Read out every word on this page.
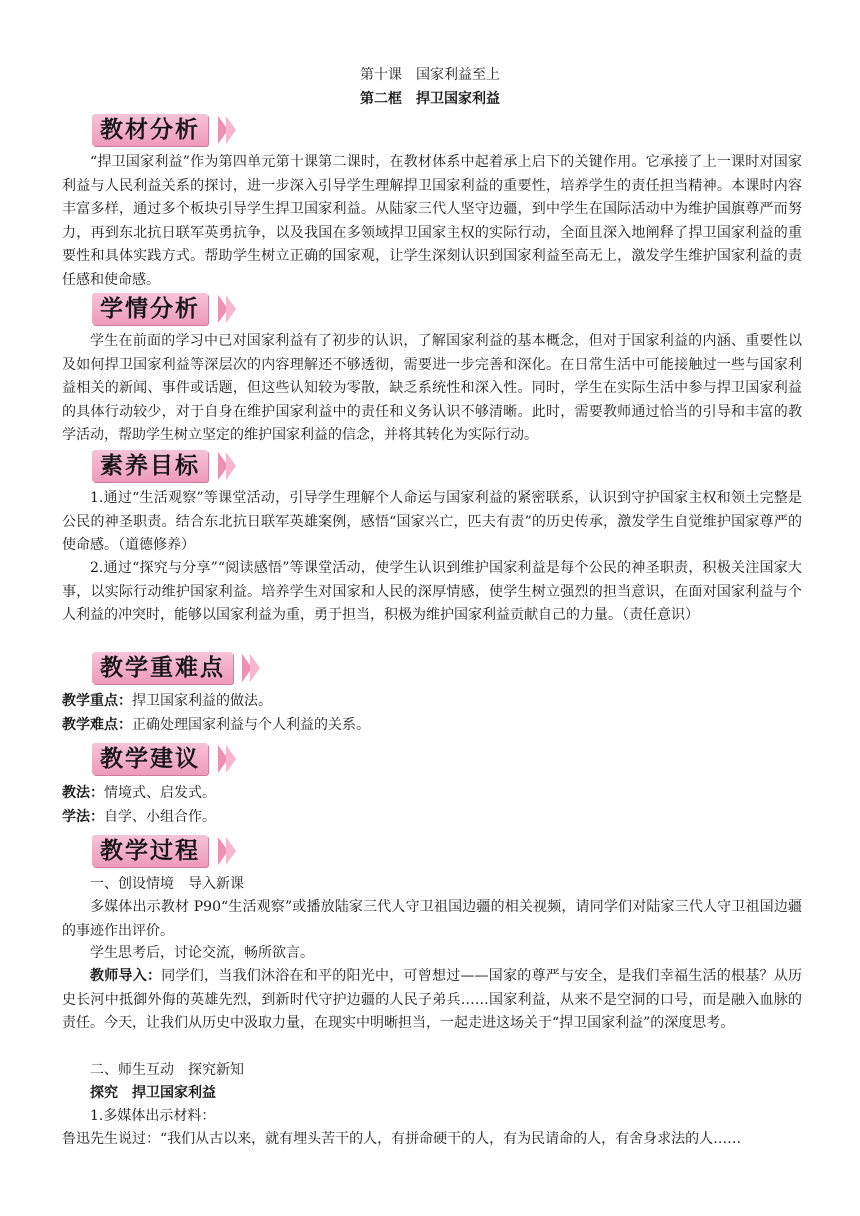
第十课　国家利益至上
第二框　捍卫国家利益
教材分析
“捍卫国家利益”作为第四单元第十课第二课时，在教材体系中起着承上启下的关键作用。它承接了上一课时对国家利益与人民利益关系的探讨，进一步深入引导学生理解捍卫国家利益的重要性，培养学生的责任担当精神。本课时内容丰富多样，通过多个板块引导学生捍卫国家利益。从陆家三代人坚守边疆，到中学生在国际活动中为维护国旗尊严而努力，再到东北抗日联军英勇抗争，以及我国在多领域捍卫国家主权的实际行动，全面且深入地阐释了捍卫国家利益的重要性和具体实践方式。帮助学生树立正确的国家观，让学生深刻认识到国家利益至高无上，激发学生维护国家利益的责任感和使命感。
学情分析
学生在前面的学习中已对国家利益有了初步的认识，了解国家利益的基本概念，但对于国家利益的内涵、重要性以及如何捍卫国家利益等深层次的内容理解还不够透彻，需要进一步完善和深化。在日常生活中可能接触过一些与国家利益相关的新闻、事件或话题，但这些认知较为零散，缺乏系统性和深入性。同时，学生在实际生活中参与捍卫国家利益的具体行动较少，对于自身在维护国家利益中的责任和义务认识不够清晰。此时，需要教师通过恰当的引导和丰富的教学活动，帮助学生树立坚定的维护国家利益的信念，并将其转化为实际行动。
素养目标
1.通过“生活观察”等课堂活动，引导学生理解个人命运与国家利益的紧密联系，认识到守护国家主权和领土完整是公民的神圣职责。结合东北抗日联军英雄案例，感悟“国家兴亡，匹夫有责”的历史传承，激发学生自觉维护国家尊严的使命感。（道德修养）
2.通过“探究与分享”“阅读感悟”等课堂活动，使学生认识到维护国家利益是每个公民的神圣职责，积极关注国家大事，以实际行动维护国家利益。培养学生对国家和人民的深厚情感，使学生树立强烈的担当意识，在面对国家利益与个人利益的冲突时，能够以国家利益为重，勇于担当，积极为维护国家利益贡献自己的力量。（责任意识）
教学重难点
教学重点：捍卫国家利益的做法。
教学难点：正确处理国家利益与个人利益的关系。
教学建议
教法：情境式、启发式。
学法：自学、小组合作。
教学过程
一、创设情境　导入新课
多媒体出示教材 P90“生活观察”或播放陆家三代人守卫祖国边疆的相关视频，请同学们对陆家三代人守卫祖国边疆的事迹作出评价。
学生思考后，讨论交流，畅所欲言。
教师导入：同学们，当我们沐浴在和平的阳光中，可曾想过——国家的尊严与安全，是我们幸福生活的根基？从历史长河中抵御外侮的英雄先烈，到新时代守护边疆的人民子弟兵……国家利益，从来不是空洞的口号，而是融入血脉的责任。今天，让我们从历史中汲取力量，在现实中明晰担当，一起走进这场关于“捍卫国家利益”的深度思考。
二、师生互动　探究新知
探究　捍卫国家利益
1.多媒体出示材料：
鲁迅先生说过：“我们从古以来，就有埋头苦干的人，有拼命硬干的人，有为民请命的人，有舍身求法的人……
